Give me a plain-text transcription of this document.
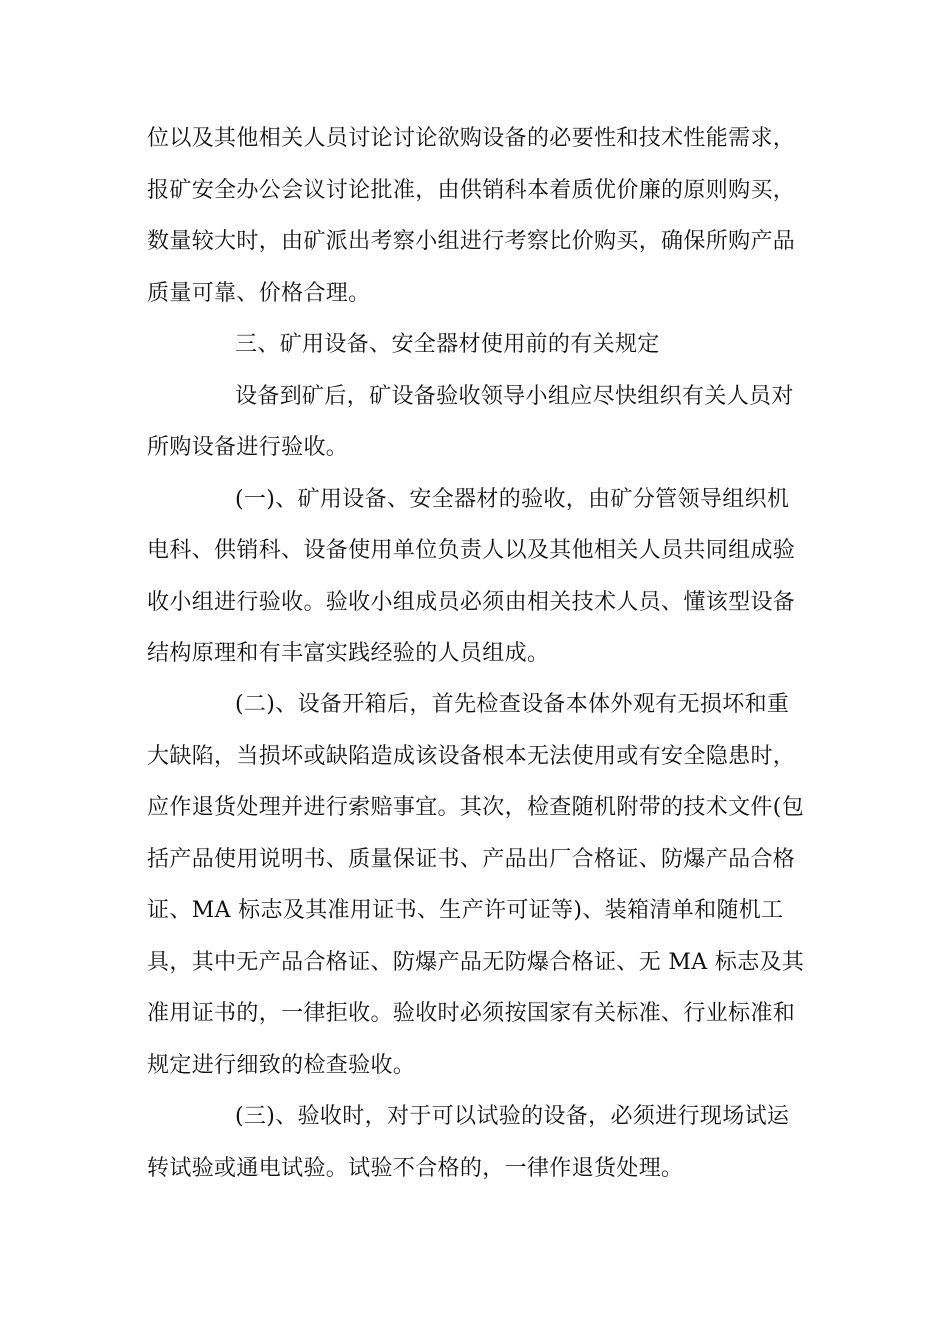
位以及其他相关人员讨论讨论欲购设备的必要性和技术性能需求，
报矿安全办公会议讨论批准，由供销科本着质优价廉的原则购买，
数量较大时，由矿派出考察小组进行考察比价购买，确保所购产品
质量可靠、价格合理。
三、矿用设备、安全器材使用前的有关规定
设备到矿后，矿设备验收领导小组应尽快组织有关人员对
所购设备进行验收。
(一)、矿用设备、安全器材的验收，由矿分管领导组织机
电科、供销科、设备使用单位负责人以及其他相关人员共同组成验
收小组进行验收。验收小组成员必须由相关技术人员、懂该型设备
结构原理和有丰富实践经验的人员组成。
(二)、设备开箱后，首先检查设备本体外观有无损坏和重
大缺陷，当损坏或缺陷造成该设备根本无法使用或有安全隐患时，
应作退货处理并进行索赔事宜。其次，检查随机附带的技术文件(包
括产品使用说明书、质量保证书、产品出厂合格证、防爆产品合格
证、MA 标志及其准用证书、生产许可证等)、装箱清单和随机工
具，其中无产品合格证、防爆产品无防爆合格证、无 MA 标志及其
准用证书的，一律拒收。验收时必须按国家有关标准、行业标准和
规定进行细致的检查验收。
(三)、验收时，对于可以试验的设备，必须进行现场试运
转试验或通电试验。试验不合格的，一律作退货处理。
